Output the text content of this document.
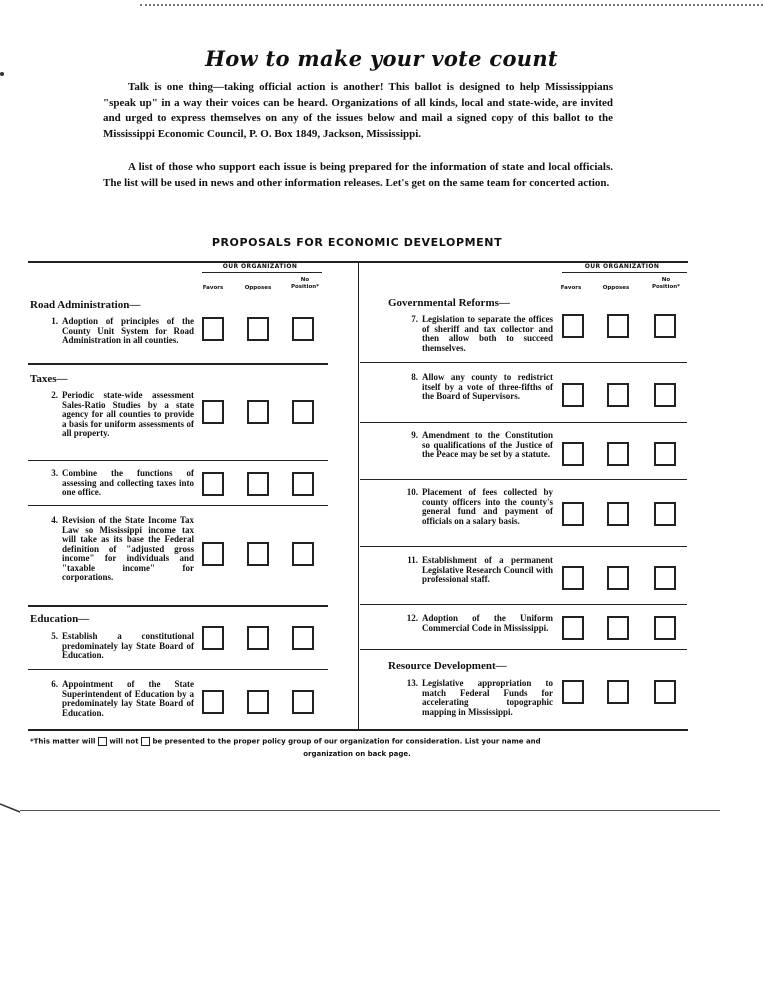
How to make your vote count
Talk is one thing—taking official action is another! This ballot is designed to help Mississippians "speak up" in a way their voices can be heard. Organizations of all kinds, local and state-wide, are invited and urged to express themselves on any of the issues below and mail a signed copy of this ballot to the Mississippi Economic Council, P. O. Box 1849, Jackson, Mississippi.
A list of those who support each issue is being prepared for the information of state and local officials. The list will be used in news and other information releases. Let's get on the same team for concerted action.
PROPOSALS FOR ECONOMIC DEVELOPMENT
OUR ORGANIZATION
Favors	Opposes
No
Position*
OUR ORGANIZATION
Favors	Opposes
No
Position*
Road Administration—
1. Adoption of principles of the County Unit System for Road Administration in all counties.
Taxes—
2. Periodic state-wide assessment Sales-Ratio Studies by a state agency for all counties to provide a basis for uniform assessments of all property.
3. Combine the functions of assessing and collecting taxes into one office.
4. Revision of the State Income Tax Law so Mississippi income tax will take as its base the Federal definition of "adjusted gross income" for individuals and "taxable income" for corporations.
Education—
5. Establish a constitutional predominately lay State Board of Education.
6. Appointment of the State Superintendent of Education by a predominately lay State Board of Education.
Governmental Reforms—
7. Legislation to separate the offices of sheriff and tax collector and then allow both to succeed themselves.
8. Allow any county to redistrict itself by a vote of three-fifths of the Board of Supervisors.
9. Amendment to the Constitution so qualifications of the Justice of the Peace may be set by a statute.
10. Placement of fees collected by county officers into the county's general fund and payment of officials on a salary basis.
11. Establishment of a permanent Legislative Research Council with professional staff.
12. Adoption of the Uniform Commercial Code in Mississippi.
Resource Development—
13. Legislative appropriation to match Federal Funds for accelerating topographic mapping in Mississippi.
*This matter will will not be presented to the proper policy group of our organization for consideration. List your name and
organization on back page.
